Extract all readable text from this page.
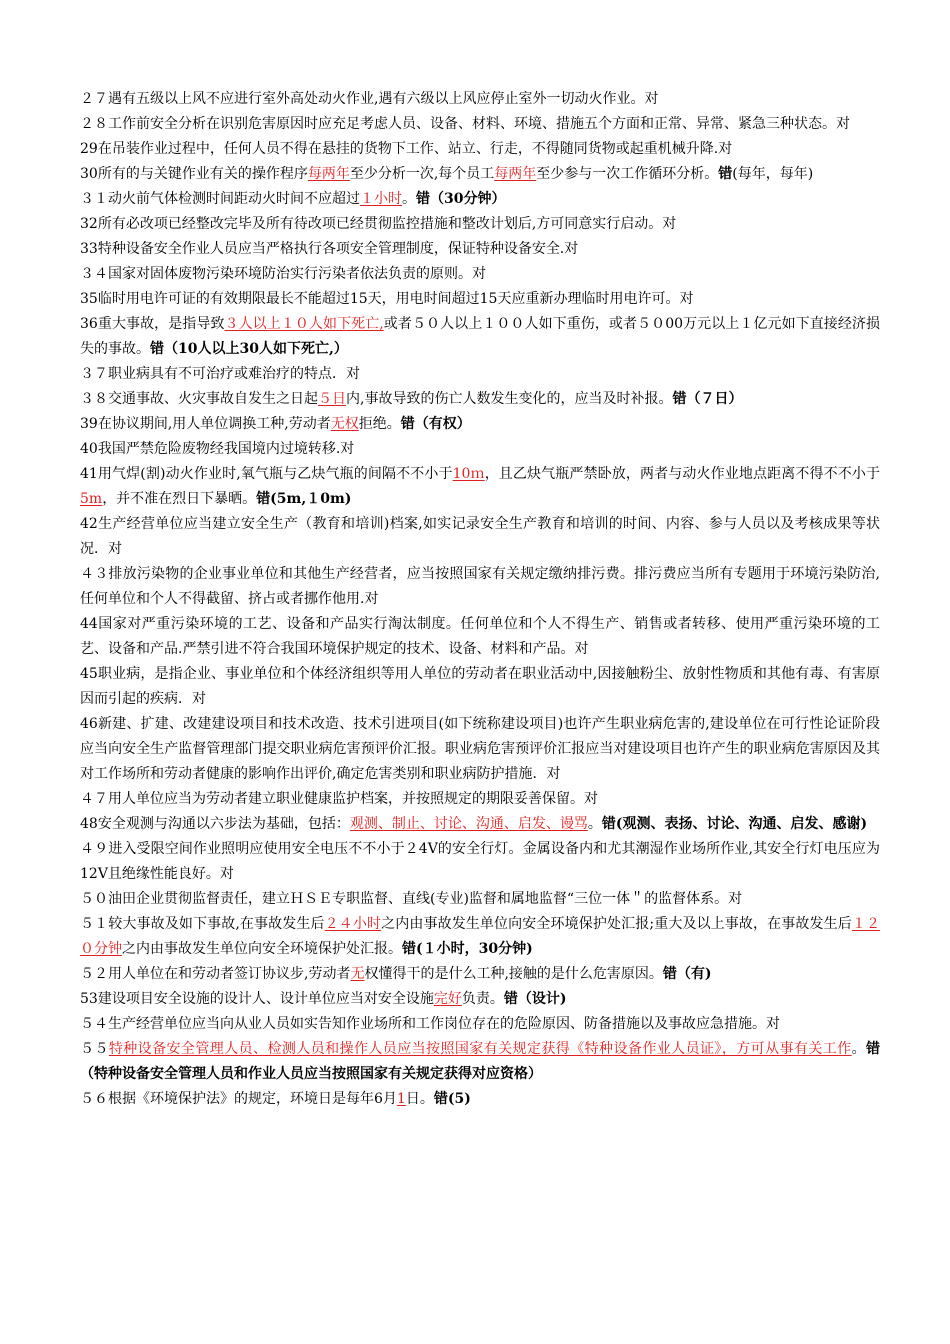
２７遇有五级以上风不应进行室外高处动火作业,遇有六级以上风应停止室外一切动火作业。对

２８工作前安全分析在识别危害原因时应充足考虑人员、设备、材料、环境、措施五个方面和正常、异常、紧急三种状态。对

29在吊装作业过程中，任何人员不得在悬挂的货物下工作、站立、行走，不得随同货物或起重机械升降.对

30所有的与关键作业有关的操作程序每两年至少分析一次,每个员工每两年至少参与一次工作循环分析。错(每年，每年)

３１动火前气体检测时间距动火时间不应超过１小时。错（30分钟）

32所有必改项已经整改完毕及所有待改项已经贯彻监控措施和整改计划后,方可同意实行启动。对

33特种设备安全作业人员应当严格执行各项安全管理制度，保证特种设备安全.对

３４国家对固体废物污染环境防治实行污染者依法负责的原则。对

35临时用电许可证的有效期限最长不能超过15天，用电时间超过15天应重新办理临时用电许可。对

36重大事故，是指导致３人以上１０人如下死亡,或者５０人以上１００人如下重伤，或者５０00万元以上１亿元如下直接经济损失的事故。错（10人以上30人如下死亡,）

３７职业病具有不可治疗或难治疗的特点．对

３８交通事故、火灾事故自发生之日起５日内,事故导致的伤亡人数发生变化的，应当及时补报。错（７日）

39在协议期间,用人单位调换工种,劳动者无权拒绝。错（有权）

40我国严禁危险废物经我国境内过境转移.对

41用气焊(割)动火作业时,氧气瓶与乙炔气瓶的间隔不不小于10ｍ，且乙炔气瓶严禁卧放，两者与动火作业地点距离不得不不小于5m，并不准在烈日下暴晒。错(5m,１0m)

42生产经营单位应当建立安全生产（教育和培训)档案,如实记录安全生产教育和培训的时间、内容、参与人员以及考核成果等状况．对

４３排放污染物的企业事业单位和其他生产经营者，应当按照国家有关规定缴纳排污费。排污费应当所有专题用于环境污染防治,任何单位和个人不得截留、挤占或者挪作他用.对

44国家对严重污染环境的工艺、设备和产品实行淘汰制度。任何单位和个人不得生产、销售或者转移、使用严重污染环境的工艺、设备和产品.严禁引进不符合我国环境保护规定的技术、设备、材料和产品。对

45职业病，是指企业、事业单位和个体经济组织等用人单位的劳动者在职业活动中,因接触粉尘、放射性物质和其他有毒、有害原因而引起的疾病．对

46新建、扩建、改建建设项目和技术改造、技术引进项目(如下统称建设项目)也许产生职业病危害的,建设单位在可行性论证阶段应当向安全生产监督管理部门提交职业病危害预评价汇报。职业病危害预评价汇报应当对建设项目也许产生的职业病危害原因及其对工作场所和劳动者健康的影响作出评价,确定危害类别和职业病防护措施．对

４７用人单位应当为劳动者建立职业健康监护档案，并按照规定的期限妥善保留。对

48安全观测与沟通以六步法为基础，包括：观测、制止、讨论、沟通、启发、谩骂。错(观测、表扬、讨论、沟通、启发、感谢)

４９进入受限空间作业照明应使用安全电压不不小于２4V的安全行灯。金属设备内和尤其潮湿作业场所作业,其安全行灯电压应为12V且绝缘性能良好。对

５０油田企业贯彻监督责任，建立ＨＳＥ专职监督、直线(专业)监督和属地监督“三位一体＂的监督体系。对

５１较大事故及如下事故,在事故发生后２４小时之内由事故发生单位向安全环境保护处汇报;重大及以上事故，在事故发生后１２０分钟之内由事故发生单位向安全环境保护处汇报。错(１小时，30分钟)

５２用人单位在和劳动者签订协议步,劳动者无权懂得干的是什么工种,接触的是什么危害原因。错（有)

53建设项目安全设施的设计人、设计单位应当对安全设施完好负责。错（设计)

５４生产经营单位应当向从业人员如实告知作业场所和工作岗位存在的危险原因、防备措施以及事故应急措施。对

５５特种设备安全管理人员、检测人员和操作人员应当按照国家有关规定获得《特种设备作业人员证》，方可从事有关工作。错（特种设备安全管理人员和作业人员应当按照国家有关规定获得对应资格）

５６根据《环境保护法》的规定，环境日是每年6月1日。错(5)
